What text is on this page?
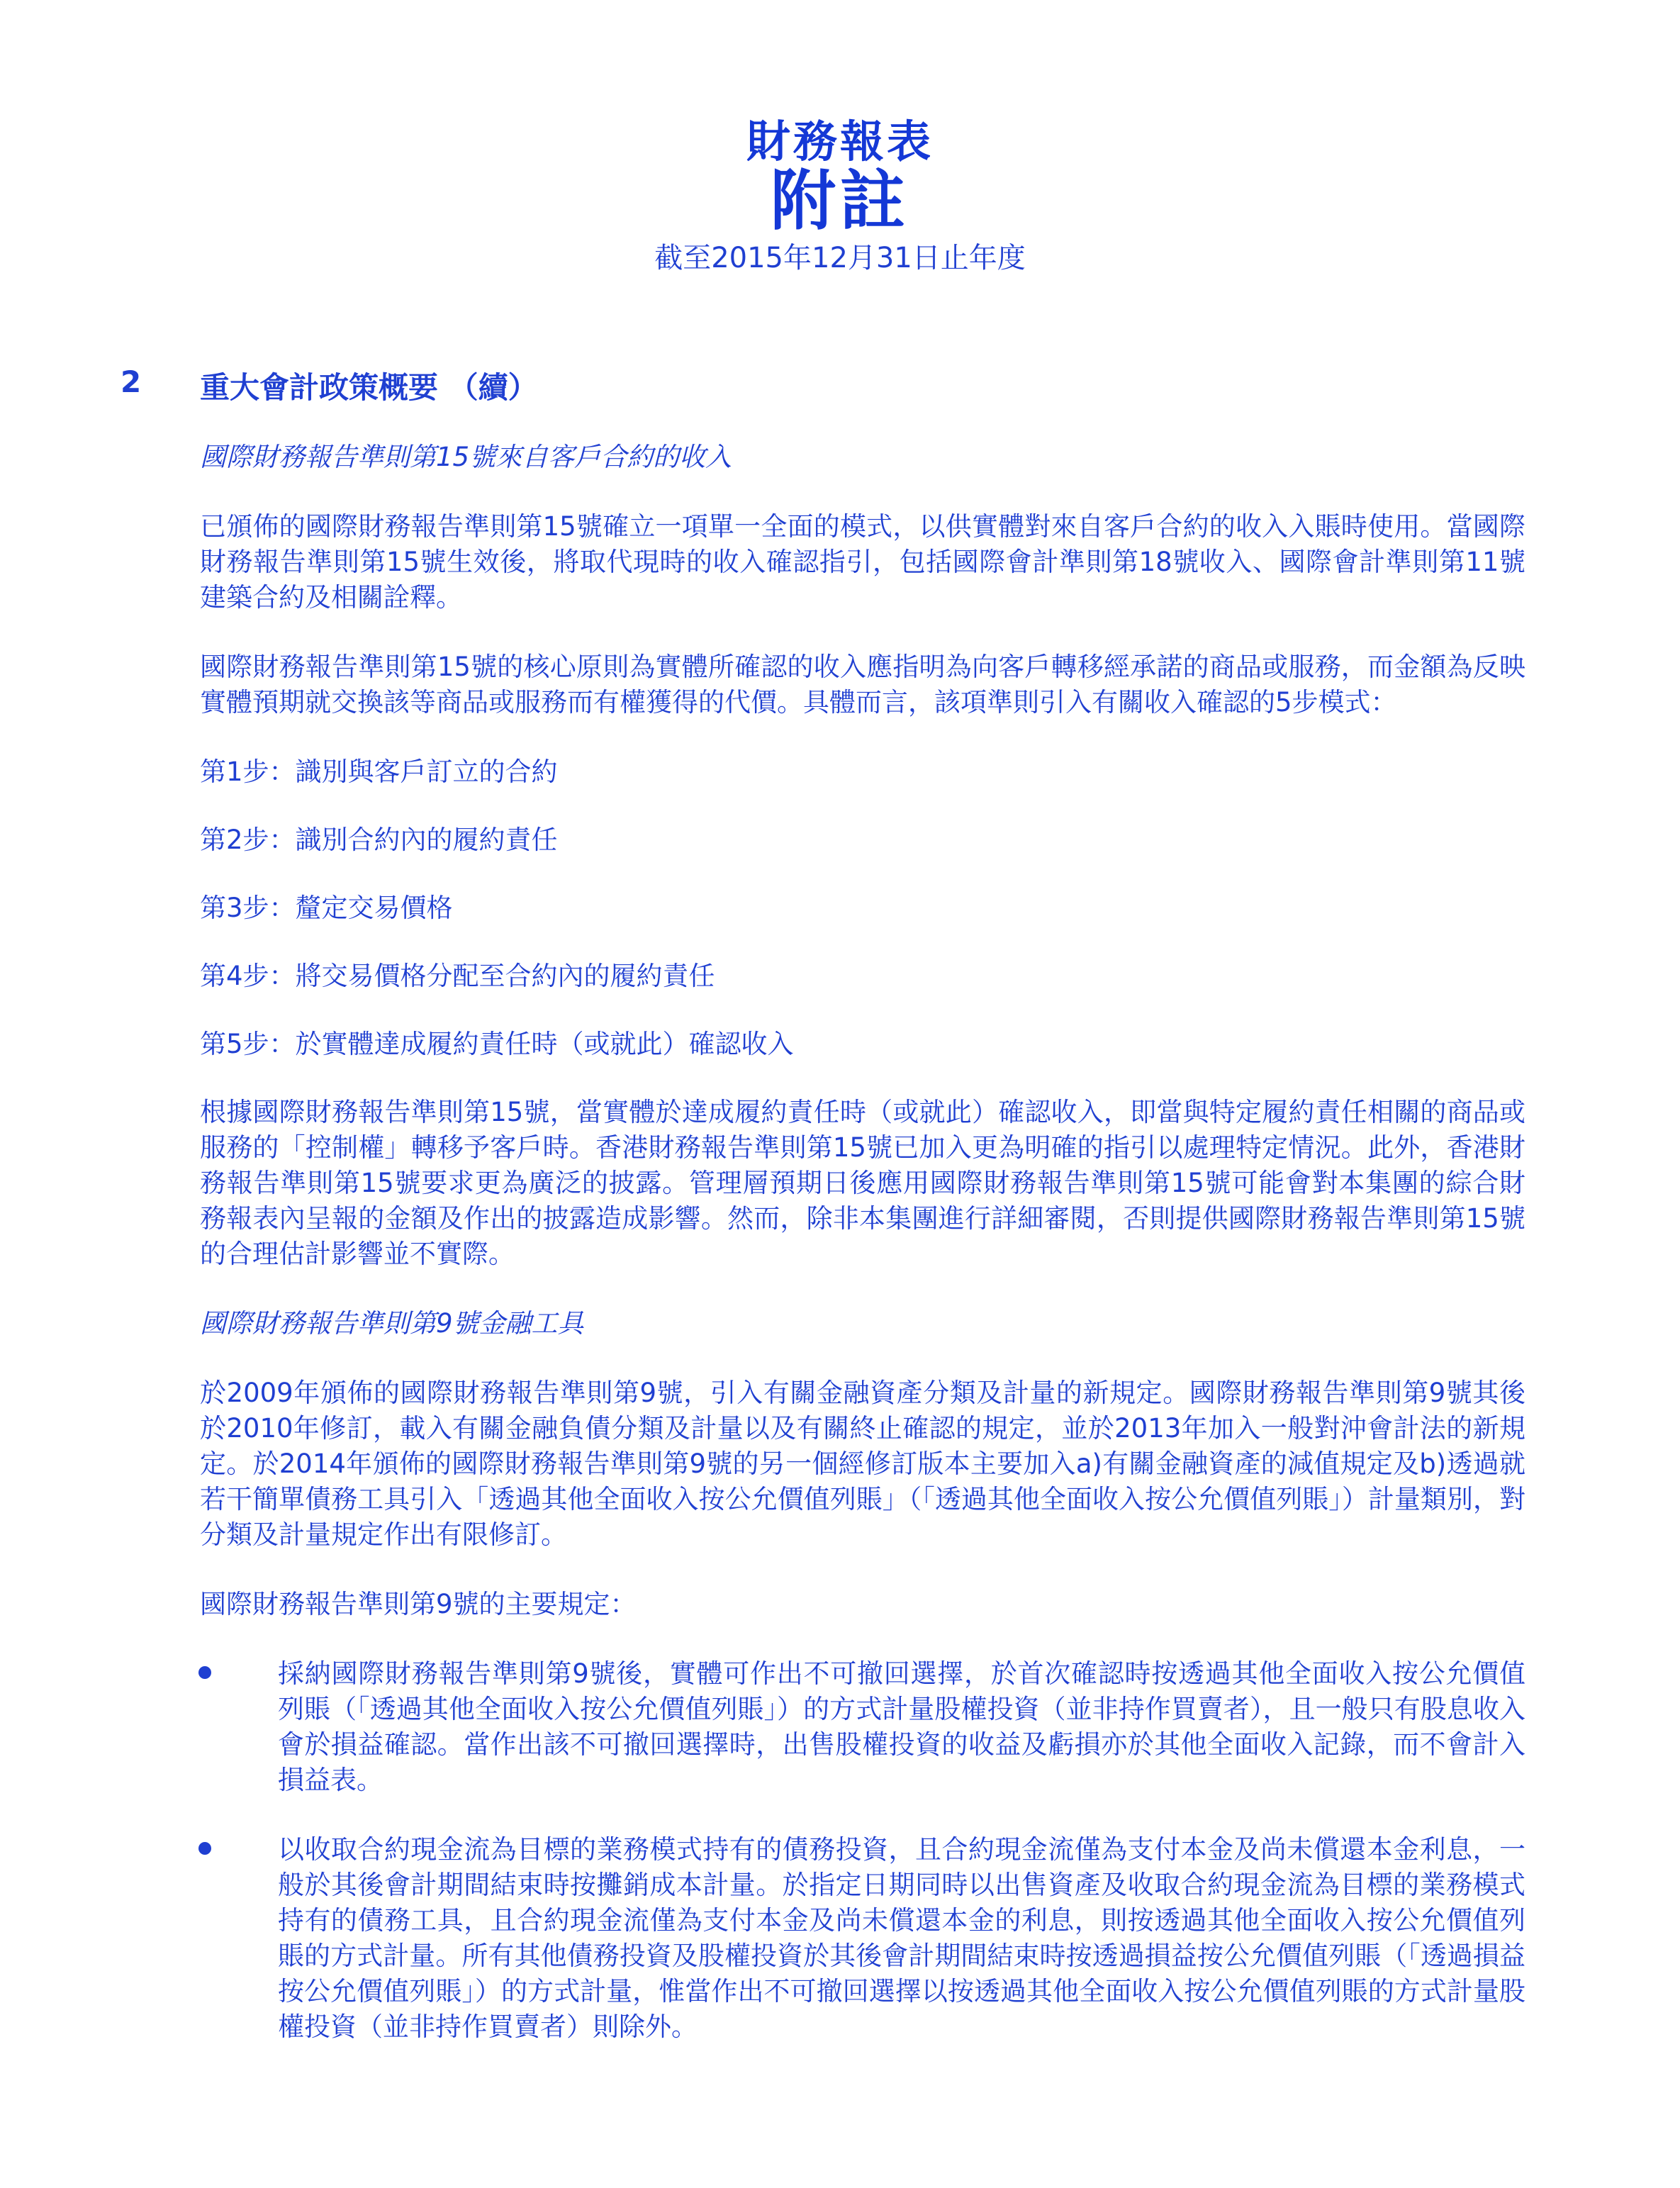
財務報表
附註
截至2015年12月31日止年度
2 重大會計政策概要 （續）

國際財務報告準則第15號來自客戶合約的收入

已頒佈的國際財務報告準則第15號確立一項單一全面的模式，以供實體對來自客戶合約的收入入賬時使用。當國際財務報告準則第15號生效後，將取代現時的收入確認指引，包括國際會計準則第18號收入、國際會計準則第11號建築合約及相關詮釋。

國際財務報告準則第15號的核心原則為實體所確認的收入應指明為向客戶轉移經承諾的商品或服務，而金額為反映實體預期就交換該等商品或服務而有權獲得的代價。具體而言，該項準則引入有關收入確認的5步模式：

第1步：識別與客戶訂立的合約

第2步：識別合約內的履約責任

第3步：釐定交易價格

第4步：將交易價格分配至合約內的履約責任

第5步：於實體達成履約責任時（或就此）確認收入

根據國際財務報告準則第15號，當實體於達成履約責任時（或就此）確認收入，即當與特定履約責任相關的商品或服務的「控制權」轉移予客戶時。香港財務報告準則第15號已加入更為明確的指引以處理特定情況。此外，香港財務報告準則第15號要求更為廣泛的披露。管理層預期日後應用國際財務報告準則第15號可能會對本集團的綜合財務報表內呈報的金額及作出的披露造成影響。然而，除非本集團進行詳細審閱，否則提供國際財務報告準則第15號的合理估計影響並不實際。

國際財務報告準則第9號金融工具

於2009年頒佈的國際財務報告準則第9號，引入有關金融資產分類及計量的新規定。國際財務報告準則第9號其後於2010年修訂，載入有關金融負債分類及計量以及有關終止確認的規定，並於2013年加入一般對沖會計法的新規定。於2014年頒佈的國際財務報告準則第9號的另一個經修訂版本主要加入a)有關金融資產的減值規定及b)透過就若干簡單債務工具引入「透過其他全面收入按公允價值列賬」（「透過其他全面收入按公允價值列賬」）計量類別，對分類及計量規定作出有限修訂。

國際財務報告準則第9號的主要規定：

採納國際財務報告準則第9號後，實體可作出不可撤回選擇，於首次確認時按透過其他全面收入按公允價值列賬（「透過其他全面收入按公允價值列賬」）的方式計量股權投資（並非持作買賣者），且一般只有股息收入會於損益確認。當作出該不可撤回選擇時，出售股權投資的收益及虧損亦於其他全面收入記錄，而不會計入損益表。
以收取合約現金流為目標的業務模式持有的債務投資，且合約現金流僅為支付本金及尚未償還本金利息，一般於其後會計期間結束時按攤銷成本計量。於指定日期同時以出售資產及收取合約現金流為目標的業務模式持有的債務工具，且合約現金流僅為支付本金及尚未償還本金的利息，則按透過其他全面收入按公允價值列賬的方式計量。所有其他債務投資及股權投資於其後會計期間結束時按透過損益按公允價值列賬（「透過損益按公允價值列賬」）的方式計量，惟當作出不可撤回選擇以按透過其他全面收入按公允價值列賬的方式計量股權投資（並非持作買賣者）則除外。
